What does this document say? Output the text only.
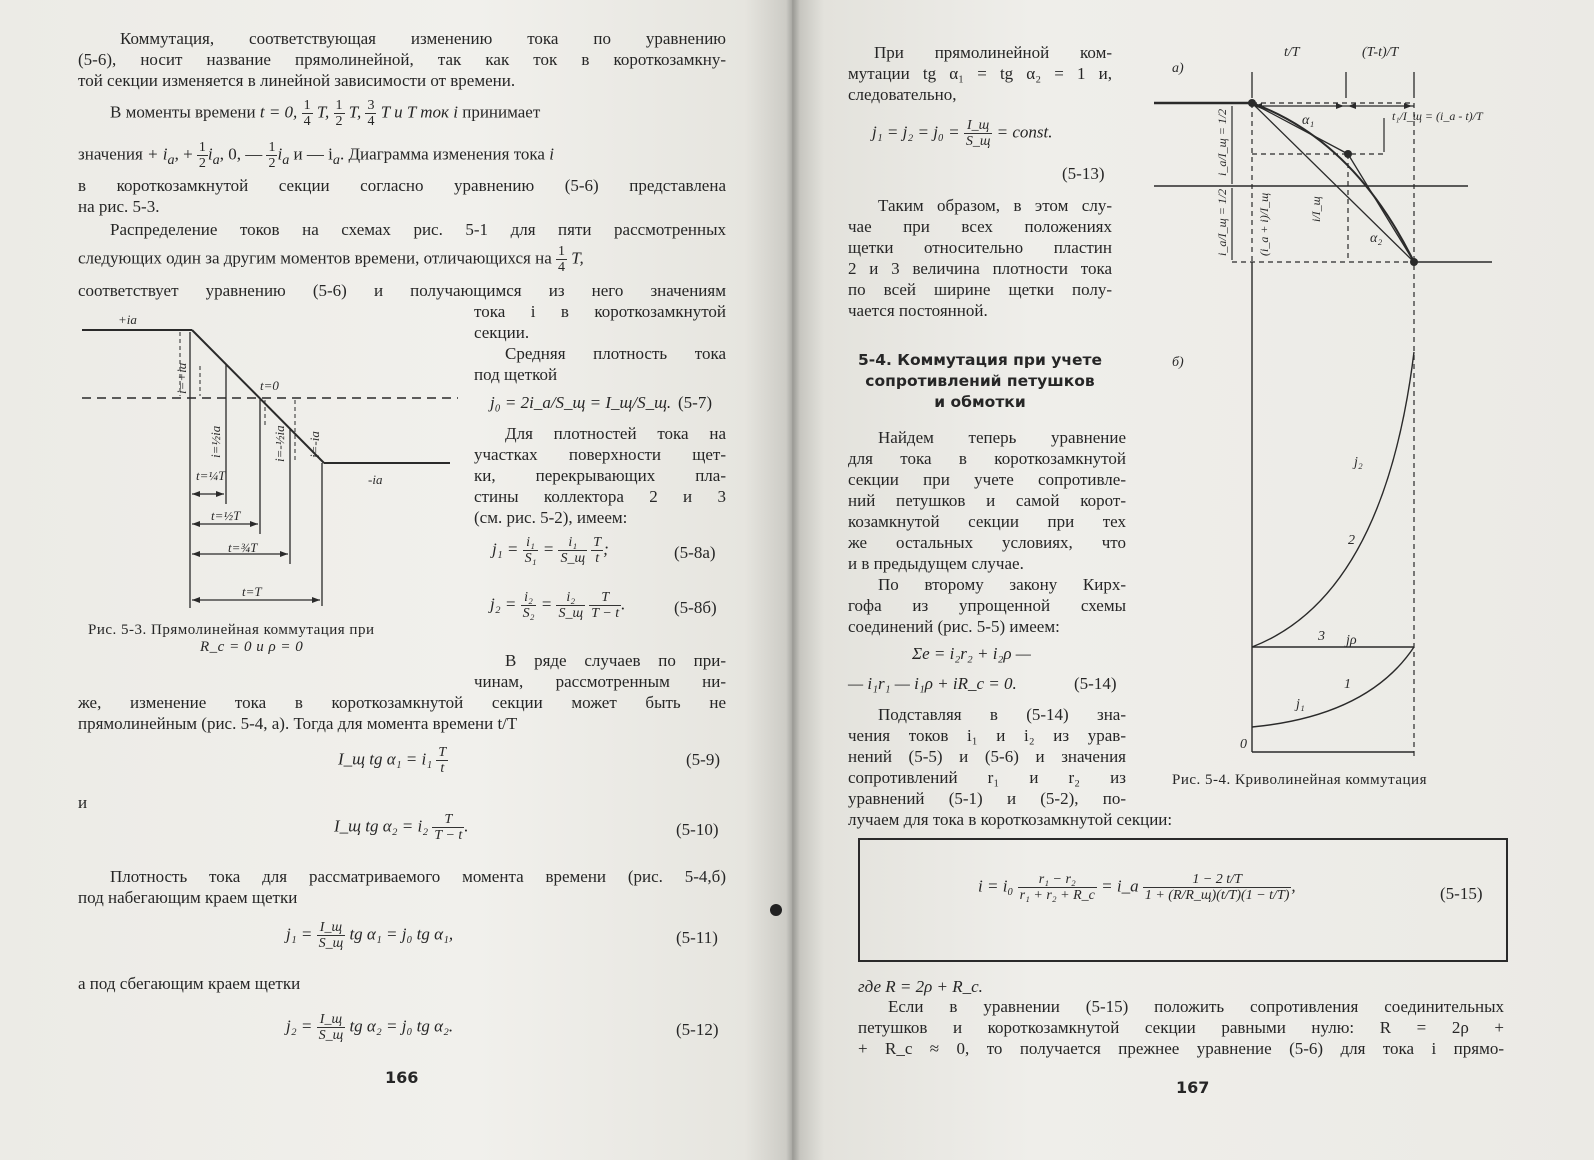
Коммутация, соответствующая изменению тока по уравнению
(5-6), носит название прямолинейной, так как ток в короткозамкну-
той секции изменяется в линейной зависимости от времени.
В моменты времени t = 0, $\frac{1}{4} T$, $\frac{1}{2} T$, $\frac{3}{4}$ T и T ток i принимает
значения + $i_a$, + $\frac{1}{2} i_a$, 0, — $\frac{1}{2} i_a$ и — $i_a$. Диаграмма изменения тока i
в короткозамкнутой секции согласно уравнению (5-6) представлена
на рис. 5-3.
Распределение токов на схемах рис. 5-1 для пяти рассмотренных
следующих один за другим моментов времени, отличающихся на $\frac{1}{4} T$,
соответствует уравнению (5-6) и получающимся из него значениям
тока i в короткозамкнутой
секции.
Средняя плотность тока
под щеткой
j₀ = 2i_a/S_щ = I_щ/S_щ. (5-7)
Для плотностей тока на
участках поверхности щет-
ки, перекрывающих пла-
стины коллектора 2 и 3
(см. рис. 5-2), имеем:
$j_1 = \frac{\text{i₁}}{\text{S₁}} = \frac{\text{i₁}}{S\_щ}$
$\frac{T}{t}$ ;	(5-8a)
$j_2 = \frac{\text{i₂}}{\text{S₂}} = \frac{\text{i₂}}{S\_щ}$
$\frac{T}{T - t}$ .	(5-8б)
+ia
-ia
t=0
t=¼T
t=½T
t=¾T
t=T
i=+ia
i=½ia	i=-½ia i=-ia
Рис. 5-3. Прямолинейная коммутация при
R_c = 0 и ρ = 0
В ряде случаев по при-
чинам, рассмотренным ни-
же, изменение тока в короткозамкнутой секции может быть не
прямолинейным (рис. 5-4, а). Тогда для момента времени t/T
I_щ tg $\alpha_1 = i_1 \frac{T}{t}$	(5-9)
и
I_щ tg $\alpha_2 = i_2 \frac{T}{T - t}$ .	(5-10)
Плотность тока для рассматриваемого момента времени (рис. 5-4,б)
под набегающим краем щетки
$j_1 = \frac{I\_щ}{S\_щ}$ tg α₁ = j₀ tg α₁,	(5-11)
а под сбегающим краем щетки
$j_2 = \frac{I\_щ}{S\_щ}$ tg α₂ = j₀ tg α₂.	(5-12)
166
При прямолинейной ком-
мутации tg α₁ = tg α₂ = 1 и,
следовательно,
$j_1 = j_2 = j_0 = \frac{I\_щ}{S\_щ}$ = const.
(5-13)
Таким образом, в этом слу-
чае при всех положениях
щетки относительно пластин
2 и 3 величина плотности тока
по всей ширине щетки полу-
чается постоянной.
5-4. Коммутация при учете
сопротивлений петушков
и обмотки
Найдем теперь уравнение
для тока в короткозамкнутой
секции при учете сопротивле-
ний петушков и самой корот-
козамкнутой секции при тех
же остальных условиях, что
и в предыдущем случае.
По второму закону Кирх-
гофа из упрощенной схемы
соединений (рис. 5-5) имеем:
Σe = i₂r₂ + i₂ρ —
— i₁r₁ — i₁ρ + iR_c = 0.	(5-14)
Подставляя в (5-14) зна-
чения токов i₁ и i₂ из урав-
нений (5-5) и (5-6) и значения
сопротивлений r₁ и r₂ из
уравнений (5-1) и (5-2), по-
лучаем для тока в короткозамкнутой секции:
а)
б)
t/T	(T-t)/T
t₁/I_щ = (i_a - t)/T
α₁
α₂
i_a/I_щ = 1/2
i/I_щ
i_a/I_щ = 1/2 (i_a + i)/I_щ
j₂
2
3 jρ
j₁
1
0
Рис. 5-4. Криволинейная коммутация
$i = i_0 \frac{\text{r₁ − r₂}}{\text{r₁ + r₂ + R\_c}}$ = i_a $\frac{1 - 2 t/T}{1 + (R/R\_щ)(t/T)(1 - t/T)}$ ,	(5-15)
где R = 2ρ + R_c.
Если в уравнении (5-15) положить сопротивления соединительных
петушков и короткозамкнутой секции равными нулю: R = 2ρ +
+ R_c ≈ 0, то получается прежнее уравнение (5-6) для тока i прямо-
167
